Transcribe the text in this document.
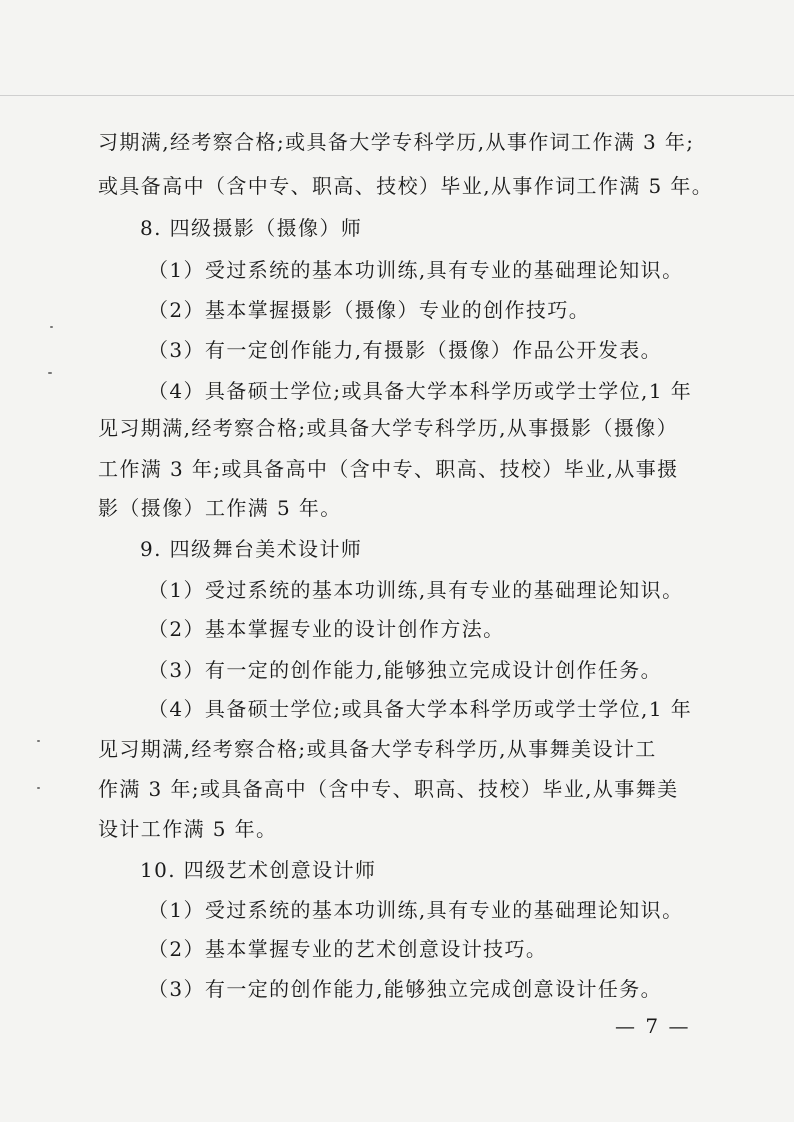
习期满,经考察合格;或具备大学专科学历,从事作词工作满 3 年;
或具备高中（含中专、职高、技校）毕业,从事作词工作满 5 年。
8. 四级摄影（摄像）师
（1）受过系统的基本功训练,具有专业的基础理论知识。
（2）基本掌握摄影（摄像）专业的创作技巧。
（3）有一定创作能力,有摄影（摄像）作品公开发表。
（4）具备硕士学位;或具备大学本科学历或学士学位,1 年
见习期满,经考察合格;或具备大学专科学历,从事摄影（摄像）
工作满 3 年;或具备高中（含中专、职高、技校）毕业,从事摄
影（摄像）工作满 5 年。
9. 四级舞台美术设计师
（1）受过系统的基本功训练,具有专业的基础理论知识。
（2）基本掌握专业的设计创作方法。
（3）有一定的创作能力,能够独立完成设计创作任务。
（4）具备硕士学位;或具备大学本科学历或学士学位,1 年
见习期满,经考察合格;或具备大学专科学历,从事舞美设计工
作满 3 年;或具备高中（含中专、职高、技校）毕业,从事舞美
设计工作满 5 年。
10. 四级艺术创意设计师
（1）受过系统的基本功训练,具有专业的基础理论知识。
（2）基本掌握专业的艺术创意设计技巧。
（3）有一定的创作能力,能够独立完成创意设计任务。
— 7 —
